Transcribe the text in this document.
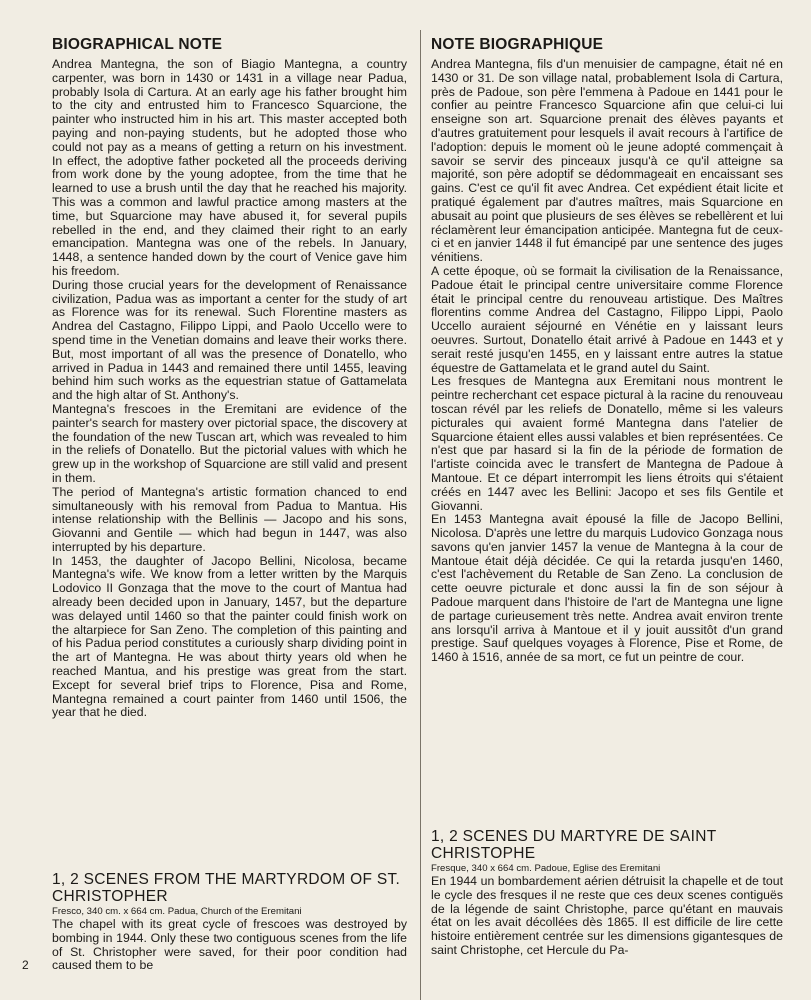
BIOGRAPHICAL NOTE

Andrea Mantegna, the son of Biagio Mantegna, a country carpenter, was born in 1430 or 1431 in a village near Padua, probably Isola di Cartura. At an early age his father brought him to the city and entrusted him to Francesco Squarcione, the painter who instructed him in his art. This master accepted both paying and non-paying students, but he adopted those who could not pay as a means of getting a return on his investment. In effect, the adoptive father pocketed all the proceeds deriving from work done by the young adoptee, from the time that he learned to use a brush until the day that he reached his majority. This was a common and lawful practice among masters at the time, but Squarcione may have abused it, for several pupils rebelled in the end, and they claimed their right to an early emancipation. Mantegna was one of the rebels. In January, 1448, a sentence handed down by the court of Venice gave him his freedom.

During those crucial years for the development of Renaissance civilization, Padua was as important a center for the study of art as Florence was for its renewal. Such Florentine masters as Andrea del Castagno, Filippo Lippi, and Paolo Uccello were to spend time in the Venetian domains and leave their works there. But, most important of all was the presence of Donatello, who arrived in Padua in 1443 and remained there until 1455, leaving behind him such works as the equestrian statue of Gattamelata and the high altar of St. Anthony's.

Mantegna's frescoes in the Eremitani are evidence of the painter's search for mastery over pictorial space, the discovery at the foundation of the new Tuscan art, which was revealed to him in the reliefs of Donatello. But the pictorial values with which he grew up in the workshop of Squarcione are still valid and present in them.

The period of Mantegna's artistic formation chanced to end simultaneously with his removal from Padua to Mantua. His intense relationship with the Bellinis — Jacopo and his sons, Giovanni and Gentile — which had begun in 1447, was also interrupted by his departure.

In 1453, the daughter of Jacopo Bellini, Nicolosa, became Mantegna's wife. We know from a letter written by the Marquis Lodovico II Gonzaga that the move to the court of Mantua had already been decided upon in January, 1457, but the departure was delayed until 1460 so that the painter could finish work on the altarpiece for San Zeno. The completion of this painting and of his Padua period constitutes a curiously sharp dividing point in the art of Mantegna. He was about thirty years old when he reached Mantua, and his prestige was great from the start. Except for several brief trips to Florence, Pisa and Rome, Mantegna remained a court painter from 1460 until 1506, the year that he died.

1, 2 SCENES FROM THE MARTYRDOM OF ST. CHRISTOPHER
Fresco, 340 cm. x 664 cm. Padua, Church of the Eremitani

The chapel with its great cycle of frescoes was destroyed by bombing in 1944. Only these two contiguous scenes from the life of St. Christopher were saved, for their poor condition had caused them to be

NOTE BIOGRAPHIQUE

Andrea Mantegna, fils d'un menuisier de campagne, était né en 1430 or 31. De son village natal, probablement Isola di Cartura, près de Padoue, son père l'emmena à Padoue en 1441 pour le confier au peintre Francesco Squarcione afin que celui-ci lui enseigne son art. Squarcione prenait des élèves payants et d'autres gratuitement pour lesquels il avait recours à l'artifice de l'adoption: depuis le moment où le jeune adopté commençait à savoir se servir des pinceaux jusqu'à ce qu'il atteigne sa majorité, son père adoptif se dédommageait en encaissant ses gains. C'est ce qu'il fit avec Andrea. Cet expédient était licite et pratiqué également par d'autres maîtres, mais Squarcione en abusait au point que plusieurs de ses élèves se rebellèrent et lui réclamèrent leur émancipation anticipée. Mantegna fut de ceux-ci et en janvier 1448 il fut émancipé par une sentence des juges vénitiens.

A cette époque, où se formait la civilisation de la Renaissance, Padoue était le principal centre universitaire comme Florence était le principal centre du renouveau artistique. Des Maîtres florentins comme Andrea del Castagno, Filippo Lippi, Paolo Uccello auraient séjourné en Vénétie en y laissant leurs oeuvres. Surtout, Donatello était arrivé à Padoue en 1443 et y serait resté jusqu'en 1455, en y laissant entre autres la statue équestre de Gattamelata et le grand autel du Saint.

Les fresques de Mantegna aux Eremitani nous montrent le peintre recherchant cet espace pictural à la racine du renouveau toscan révél par les reliefs de Donatello, même si les valeurs picturales qui avaient formé Mantegna dans l'atelier de Squarcione étaient elles aussi valables et bien représentées. Ce n'est que par hasard si la fin de la période de formation de l'artiste coincida avec le transfert de Mantegna de Padoue à Mantoue. Et ce départ interrompit les liens étroits qui s'étaient créés en 1447 avec les Bellini: Jacopo et ses fils Gentile et Giovanni.

En 1453 Mantegna avait épousé la fille de Jacopo Bellini, Nicolosa. D'après une lettre du marquis Ludovico Gonzaga nous savons qu'en janvier 1457 la venue de Mantegna à la cour de Mantoue était déjà décidée. Ce qui la retarda jusqu'en 1460, c'est l'achèvement du Retable de San Zeno. La conclusion de cette oeuvre picturale et donc aussi la fin de son séjour à Padoue marquent dans l'histoire de l'art de Mantegna une ligne de partage curieusement très nette. Andrea avait environ trente ans lorsqu'il arriva à Mantoue et il y jouit aussitôt d'un grand prestige. Sauf quelques voyages à Florence, Pise et Rome, de 1460 à 1516, année de sa mort, ce fut un peintre de cour.

1, 2 SCENES DU MARTYRE DE SAINT CHRISTOPHE
Fresque, 340 x 664 cm. Padoue, Eglise des Eremitani

En 1944 un bombardement aérien détruisit la chapelle et de tout le cycle des fresques il ne reste que ces deux scenes contiguës de la légende de saint Christophe, parce qu'étant en mauvais état on les avait décollées dès 1865. Il est difficile de lire cette histoire entièrement centrée sur les dimensions gigantesques de saint Christophe, cet Hercule du Pa-

2
